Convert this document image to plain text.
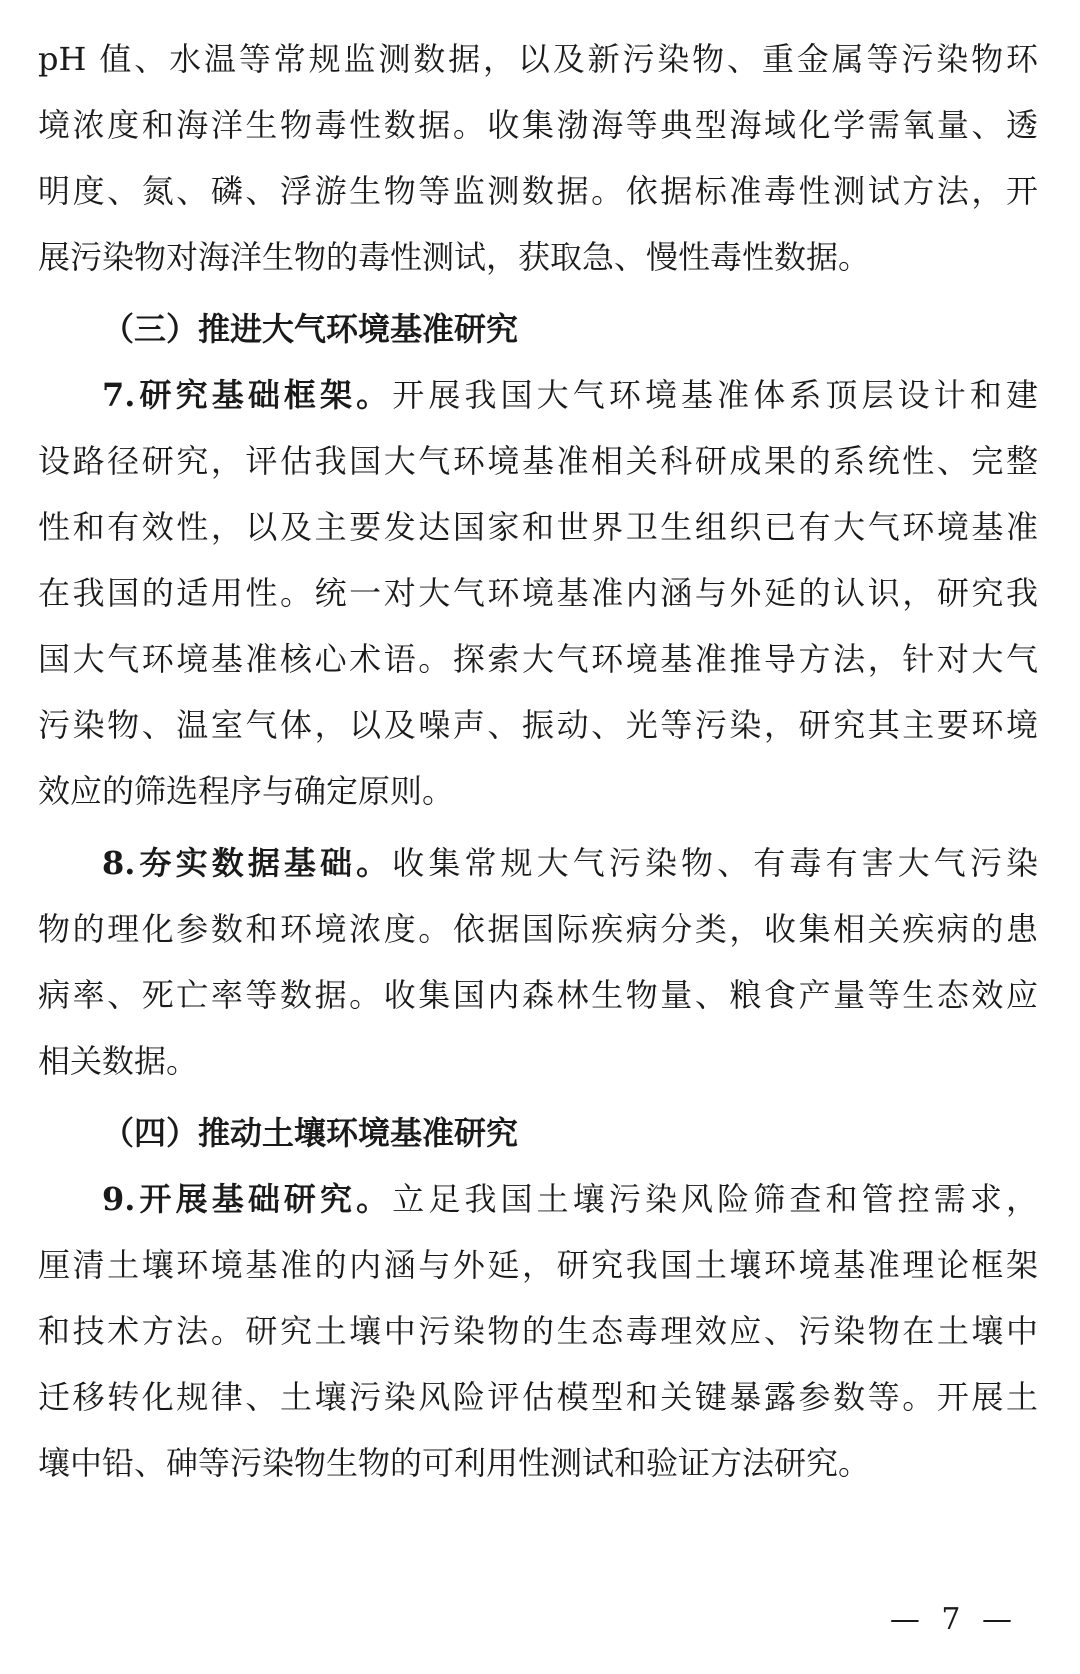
pH 值、水温等常规监测数据，以及新污染物、重金属等污染物环
境浓度和海洋生物毒性数据。收集渤海等典型海域化学需氧量、透
明度、氮、磷、浮游生物等监测数据。依据标准毒性测试方法，开
展污染物对海洋生物的毒性测试，获取急、慢性毒性数据。
（三）推进大气环境基准研究
7.研究基础框架。开展我国大气环境基准体系顶层设计和建
设路径研究，评估我国大气环境基准相关科研成果的系统性、完整
性和有效性，以及主要发达国家和世界卫生组织已有大气环境基准
在我国的适用性。统一对大气环境基准内涵与外延的认识，研究我
国大气环境基准核心术语。探索大气环境基准推导方法，针对大气
污染物、温室气体，以及噪声、振动、光等污染，研究其主要环境
效应的筛选程序与确定原则。
8.夯实数据基础。收集常规大气污染物、有毒有害大气污染
物的理化参数和环境浓度。依据国际疾病分类，收集相关疾病的患
病率、死亡率等数据。收集国内森林生物量、粮食产量等生态效应
相关数据。
（四）推动土壤环境基准研究
9.开展基础研究。立足我国土壤污染风险筛查和管控需求，
厘清土壤环境基准的内涵与外延，研究我国土壤环境基准理论框架
和技术方法。研究土壤中污染物的生态毒理效应、污染物在土壤中
迁移转化规律、土壤污染风险评估模型和关键暴露参数等。开展土
壤中铅、砷等污染物生物的可利用性测试和验证方法研究。
— 7 —
